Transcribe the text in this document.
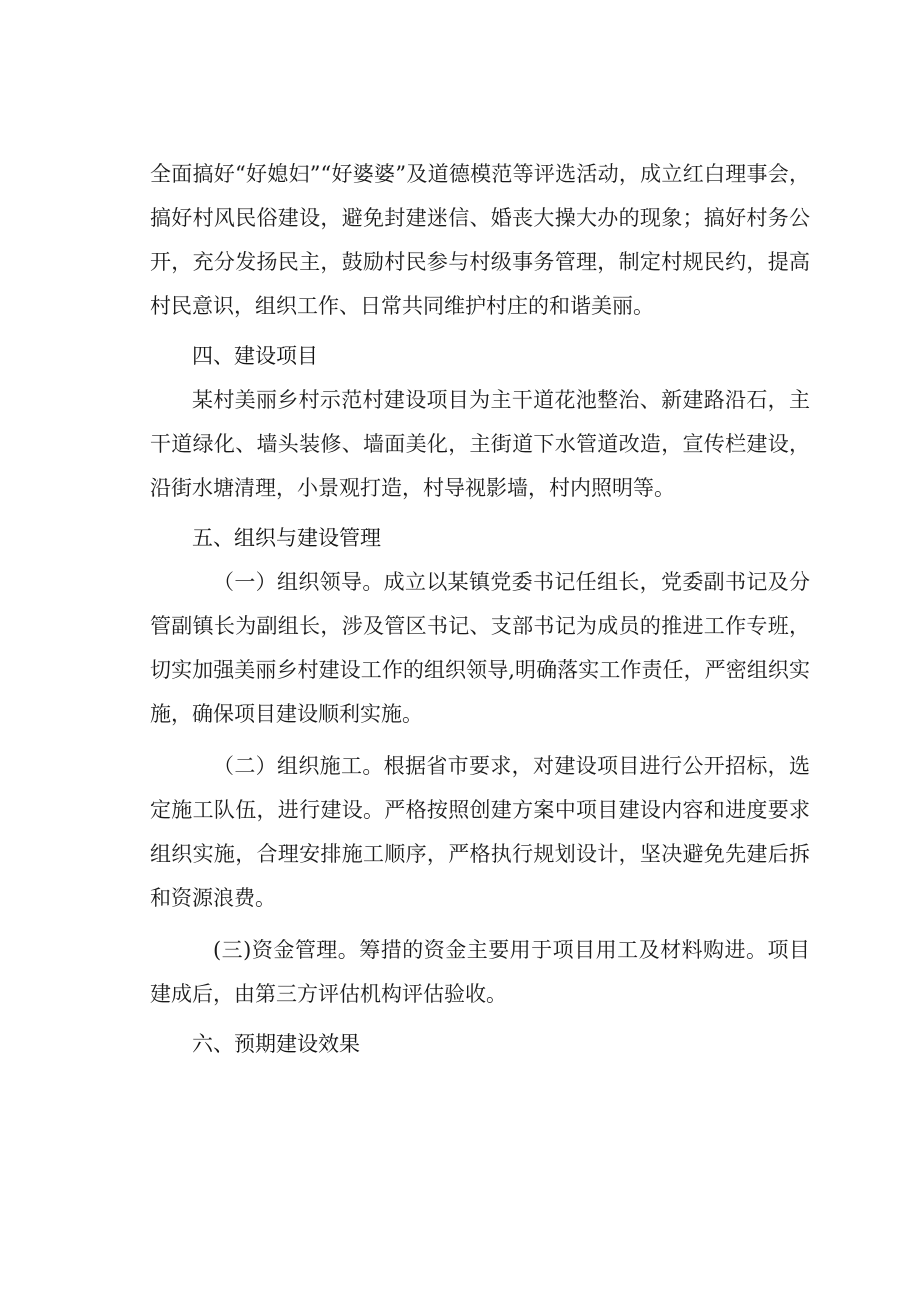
全面搞好“好媳妇”“好婆婆”及道德模范等评选活动，成立红白理事会，搞好村风民俗建设，避免封建迷信、婚丧大操大办的现象；搞好村务公开，充分发扬民主，鼓励村民参与村级事务管理，制定村规民约，提高村民意识，组织工作、日常共同维护村庄的和谐美丽。

四、建设项目

某村美丽乡村示范村建设项目为主干道花池整治、新建路沿石，主干道绿化、墙头装修、墙面美化，主街道下水管道改造，宣传栏建设，沿街水塘清理，小景观打造，村导视影墙，村内照明等。

五、组织与建设管理

（一）组织领导。成立以某镇党委书记任组长，党委副书记及分管副镇长为副组长，涉及管区书记、支部书记为成员的推进工作专班，切实加强美丽乡村建设工作的组织领导,明确落实工作责任，严密组织实施，确保项目建设顺利实施。

（二）组织施工。根据省市要求，对建设项目进行公开招标，选定施工队伍，进行建设。严格按照创建方案中项目建设内容和进度要求组织实施，合理安排施工顺序，严格执行规划设计，坚决避免先建后拆和资源浪费。

(三)资金管理。筹措的资金主要用于项目用工及材料购进。项目建成后，由第三方评估机构评估验收。

六、预期建设效果
